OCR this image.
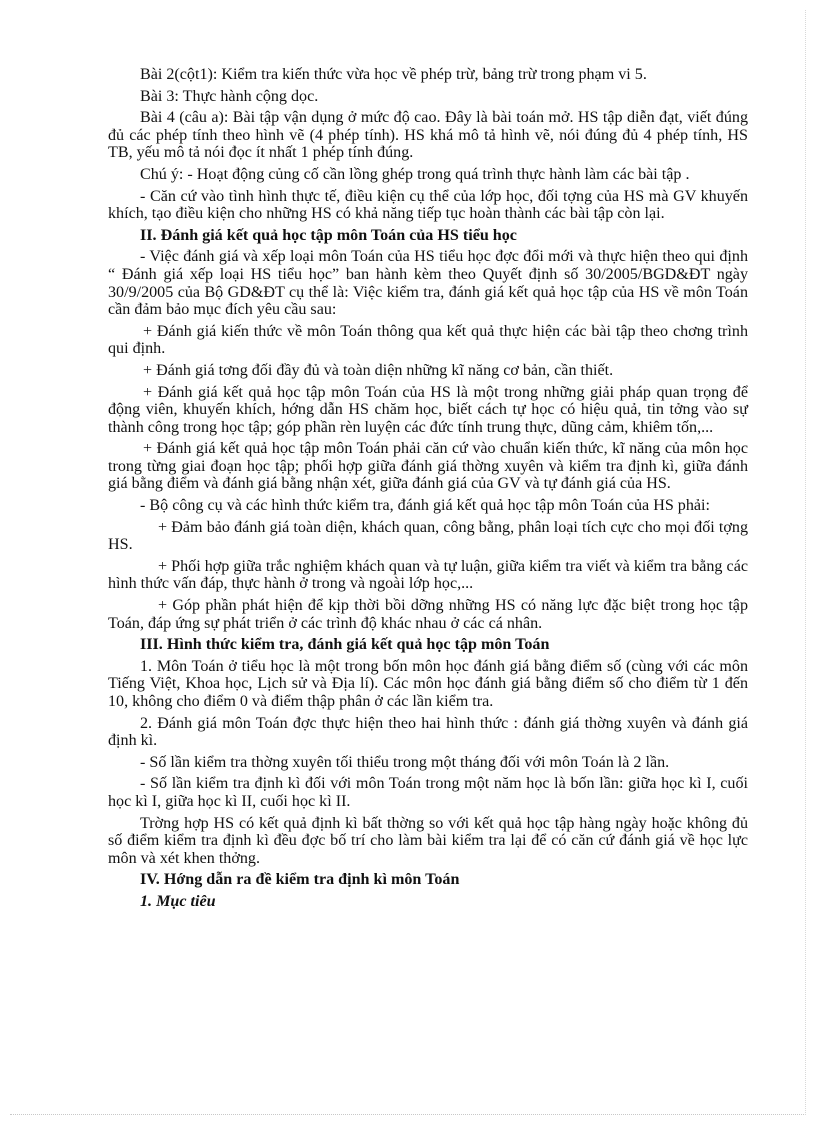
Bài 2(cột1): Kiểm tra kiến thức vừa học về phép trừ, bảng trừ trong phạm vi 5.

Bài 3: Thực hành cộng dọc.

Bài 4 (câu a): Bài tập vận dụng ở mức độ cao. Đây là bài toán mở. HS tập diễn đạt, viết đúng đủ các phép tính theo hình vẽ (4 phép tính). HS khá mô tả hình vẽ, nói đúng đủ 4 phép tính, HS TB, yếu mô tả nói đọc ít nhất 1 phép tính đúng.

Chú ý: - Hoạt động củng cố cần lồng ghép trong quá trình thực hành làm các bài tập .

- Căn cứ vào tình hình thực tế, điều kiện cụ thể của lớp học, đối tợng của HS mà GV khuyến khích, tạo điều kiện cho những HS có khả năng tiếp tục hoàn thành các bài tập còn lại.

II. Đánh giá kết quả học tập môn Toán của HS tiểu học

- Việc đánh giá và xếp loại môn Toán của HS tiểu học đợc đổi mới và thực hiện theo qui định “ Đánh giá xếp loại HS tiểu học” ban hành kèm theo Quyết định số 30/2005/BGD&ĐT ngày 30/9/2005 của Bộ GD&ĐT cụ thể là: Việc kiểm tra, đánh giá kết quả học tập của HS về môn Toán cần đảm bảo mục đích yêu cầu sau:

+ Đánh giá kiến thức về môn Toán thông qua kết quả thực hiện các bài tập theo chơng trình qui định.

+ Đánh giá tơng đối đầy đủ và toàn diện những kĩ năng cơ bản, cần thiết.

+ Đánh giá kết quả học tập môn Toán của HS là một trong những giải pháp quan trọng để động viên, khuyến khích, hớng dẫn HS chăm học, biết cách tự học có hiệu quả, tin tởng vào sự thành công trong học tập; góp phần rèn luyện các đức tính trung thực, dũng cảm, khiêm tốn,...

+ Đánh giá kết quả học tập môn Toán phải căn cứ vào chuẩn kiến thức, kĩ năng của môn học trong từng giai đoạn học tập; phối hợp giữa đánh giá thờng xuyên và kiểm tra định kì, giữa đánh giá bằng điểm và đánh giá bằng nhận xét, giữa đánh giá của GV và tự đánh giá của HS.

- Bộ công cụ và các hình thức kiểm tra, đánh giá kết quả học tập môn Toán của HS phải:

+ Đảm bảo đánh giá toàn diện, khách quan, công bằng, phân loại tích cực cho mọi đối tợng HS.

+ Phối hợp giữa trắc nghiệm khách quan và tự luận, giữa kiểm tra viết và kiểm tra bằng các hình thức vấn đáp, thực hành ở trong và ngoài lớp học,...

+ Góp phần phát hiện để kịp thời bồi dỡng những HS có năng lực đặc biệt trong học tập Toán, đáp ứng sự phát triển ở các trình độ khác nhau ở các cá nhân.

III. Hình thức kiểm tra, đánh giá kết quả học tập môn Toán

1. Môn Toán ở tiểu học là một trong bốn môn học đánh giá bằng điểm số (cùng với các môn Tiếng Việt, Khoa học, Lịch sử và Địa lí). Các môn học đánh giá bằng điểm số cho điểm từ 1 đến 10, không cho điểm 0 và điểm thập phân ở các lần kiểm tra.

2. Đánh giá môn Toán đợc thực hiện theo hai hình thức : đánh giá thờng xuyên và đánh giá định kì.

- Số lần kiểm tra thờng xuyên tối thiểu trong một tháng đối với môn Toán là 2 lần.

- Số lần kiểm tra định kì đối với môn Toán trong một năm học là bốn lần: giữa học kì I, cuối học kì I, giữa học kì II, cuối học kì II.

Trờng hợp HS có kết quả định kì bất thờng so với kết quả học tập hàng ngày hoặc không đủ số điểm kiểm tra định kì đều đợc bố trí cho làm bài kiểm tra lại để có căn cứ đánh giá về học lực môn và xét khen thởng.

IV. Hớng dẫn ra đề kiểm tra định kì môn Toán

1. Mục tiêu
